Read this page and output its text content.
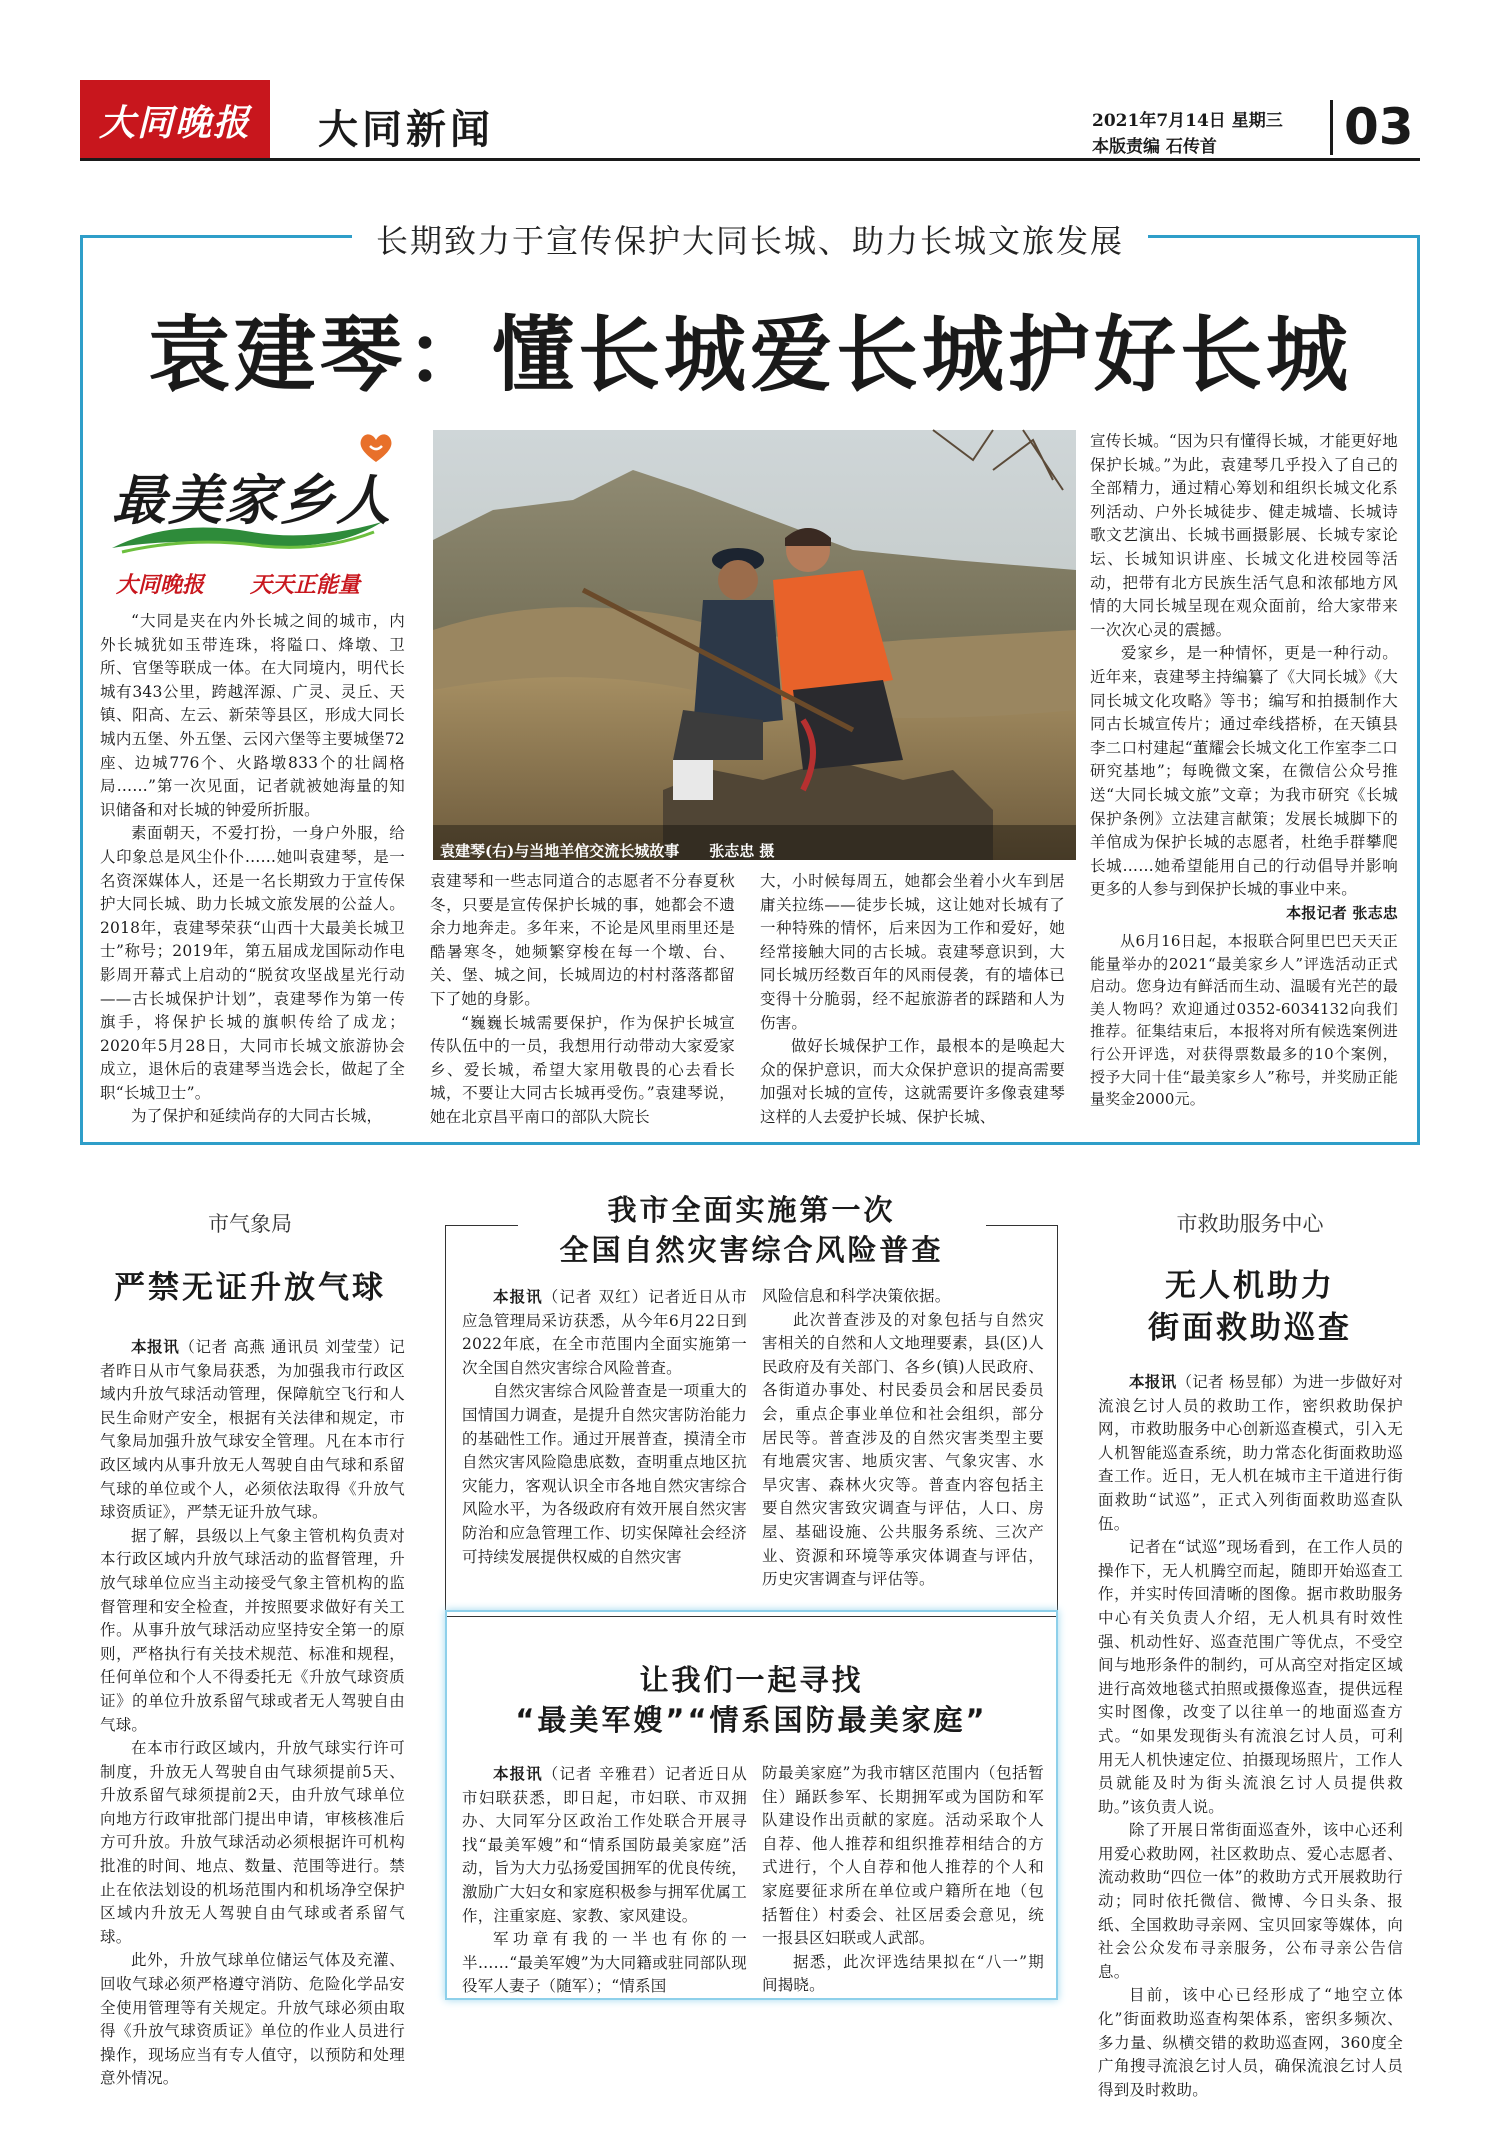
大同晚报 大同新闻	2021年7月14日 星期三
本版责编 石传首	03
长期致力于宣传保护大同长城、助力长城文旅发展
袁建琴：懂长城爱长城护好长城
最美家乡人
大同晚报 天天正能量
袁建琴(右)与当地羊倌交流长城故事　　张志忠 摄

“大同是夹在内外长城之间的城市，内外长城犹如玉带连珠，将隘口、烽墩、卫所、官堡等联成一体。在大同境内，明代长城有343公里，跨越浑源、广灵、灵丘、天镇、阳高、左云、新荣等县区，形成大同长城内五堡、外五堡、云冈六堡等主要城堡72座、边城776个、火路墩833个的壮阔格局……”第一次见面，记者就被她海量的知识储备和对长城的钟爱所折服。

素面朝天，不爱打扮，一身户外服，给人印象总是风尘仆仆……她叫袁建琴，是一名资深媒体人，还是一名长期致力于宣传保护大同长城、助力长城文旅发展的公益人。2018年，袁建琴荣获“山西十大最美长城卫士”称号；2019年，第五届成龙国际动作电影周开幕式上启动的“脱贫攻坚战星光行动——古长城保护计划”，袁建琴作为第一传旗手，将保护长城的旗帜传给了成龙；2020年5月28日，大同市长城文旅游协会成立，退休后的袁建琴当选会长，做起了全职“长城卫士”。

为了保护和延续尚存的大同古长城，

袁建琴和一些志同道合的志愿者不分春夏秋冬，只要是宣传保护长城的事，她都会不遗余力地奔走。多年来，不论是风里雨里还是酷暑寒冬，她频繁穿梭在每一个墩、台、关、堡、城之间，长城周边的村村落落都留下了她的身影。

“巍巍长城需要保护，作为保护长城宣传队伍中的一员，我想用行动带动大家爱家乡、爱长城，希望大家用敬畏的心去看长城，不要让大同古长城再受伤。”袁建琴说，她在北京昌平南口的部队大院长

大，小时候每周五，她都会坐着小火车到居庸关拉练——徒步长城，这让她对长城有了一种特殊的情怀，后来因为工作和爱好，她经常接触大同的古长城。袁建琴意识到，大同长城历经数百年的风雨侵袭，有的墙体已变得十分脆弱，经不起旅游者的踩踏和人为伤害。

做好长城保护工作，最根本的是唤起大众的保护意识，而大众保护意识的提高需要加强对长城的宣传，这就需要许多像袁建琴这样的人去爱护长城、保护长城、

宣传长城。“因为只有懂得长城，才能更好地保护长城。”为此，袁建琴几乎投入了自己的全部精力，通过精心筹划和组织长城文化系列活动、户外长城徒步、健走城墙、长城诗歌文艺演出、长城书画摄影展、长城专家论坛、长城知识讲座、长城文化进校园等活动，把带有北方民族生活气息和浓郁地方风情的大同长城呈现在观众面前，给大家带来一次次心灵的震撼。

爱家乡，是一种情怀，更是一种行动。近年来，袁建琴主持编纂了《大同长城》《大同长城文化攻略》等书；编写和拍摄制作大同古长城宣传片；通过牵线搭桥，在天镇县李二口村建起“董耀会长城文化工作室李二口研究基地”；每晚微文案，在微信公众号推送“大同长城文旅”文章；为我市研究《长城保护条例》立法建言献策；发展长城脚下的羊倌成为保护长城的志愿者，杜绝手群攀爬长城……她希望能用自己的行动倡导并影响更多的人参与到保护长城的事业中来。

本报记者 张志忠

从6月16日起，本报联合阿里巴巴天天正能量举办的2021“最美家乡人”评选活动正式启动。您身边有鲜活而生动、温暖有光芒的最美人物吗？欢迎通过0352-6034132向我们推荐。征集结束后，本报将对所有候选案例进行公开评选，对获得票数最多的10个案例，授予大同十佳“最美家乡人”称号，并奖励正能量奖金2000元。

市气象局
严禁无证升放气球

本报讯（记者 高燕 通讯员 刘莹莹）记者昨日从市气象局获悉，为加强我市行政区域内升放气球活动管理，保障航空飞行和人民生命财产安全，根据有关法律和规定，市气象局加强升放气球安全管理。凡在本市行政区域内从事升放无人驾驶自由气球和系留气球的单位或个人，必须依法取得《升放气球资质证》，严禁无证升放气球。

据了解，县级以上气象主管机构负责对本行政区域内升放气球活动的监督管理，升放气球单位应当主动接受气象主管机构的监督管理和安全检查，并按照要求做好有关工作。从事升放气球活动应坚持安全第一的原则，严格执行有关技术规范、标准和规程，任何单位和个人不得委托无《升放气球资质证》的单位升放系留气球或者无人驾驶自由气球。

在本市行政区域内，升放气球实行许可制度，升放无人驾驶自由气球须提前5天、升放系留气球须提前2天，由升放气球单位向地方行政审批部门提出申请，审核核准后方可升放。升放气球活动必须根据许可机构批准的时间、地点、数量、范围等进行。禁止在依法划设的机场范围内和机场净空保护区域内升放无人驾驶自由气球或者系留气球。

此外，升放气球单位储运气体及充灌、回收气球必须严格遵守消防、危险化学品安全使用管理等有关规定。升放气球必须由取得《升放气球资质证》单位的作业人员进行操作，现场应当有专人值守，以预防和处理意外情况。

我市全面实施第一次
全国自然灾害综合风险普查

本报讯（记者 双红）记者近日从市应急管理局采访获悉，从今年6月22日到2022年底，在全市范围内全面实施第一次全国自然灾害综合风险普查。

自然灾害综合风险普查是一项重大的国情国力调查，是提升自然灾害防治能力的基础性工作。通过开展普查，摸清全市自然灾害风险隐患底数，查明重点地区抗灾能力，客观认识全市各地自然灾害综合风险水平，为各级政府有效开展自然灾害防治和应急管理工作、切实保障社会经济可持续发展提供权威的自然灾害

风险信息和科学决策依据。

此次普查涉及的对象包括与自然灾害相关的自然和人文地理要素，县(区)人民政府及有关部门、各乡(镇)人民政府、各街道办事处、村民委员会和居民委员会，重点企事业单位和社会组织，部分居民等。普查涉及的自然灾害类型主要有地震灾害、地质灾害、气象灾害、水旱灾害、森林火灾等。普查内容包括主要自然灾害致灾调查与评估，人口、房屋、基础设施、公共服务系统、三次产业、资源和环境等承灾体调查与评估，历史灾害调查与评估等。

让我们一起寻找
“最美军嫂”“情系国防最美家庭”

本报讯（记者 辛雅君）记者近日从市妇联获悉，即日起，市妇联、市双拥办、大同军分区政治工作处联合开展寻找“最美军嫂”和“情系国防最美家庭”活动，旨为大力弘扬爱国拥军的优良传统，激励广大妇女和家庭积极参与拥军优属工作，注重家庭、家教、家风建设。

军功章有我的一半也有你的一半……“最美军嫂”为大同籍或驻同部队现役军人妻子（随军）；“情系国

防最美家庭”为我市辖区范围内（包括暂住）踊跃参军、长期拥军或为国防和军队建设作出贡献的家庭。活动采取个人自荐、他人推荐和组织推荐相结合的方式进行，个人自荐和他人推荐的个人和家庭要征求所在单位或户籍所在地（包括暂住）村委会、社区居委会意见，统一报县区妇联或人武部。

据悉，此次评选结果拟在“八一”期间揭晓。

市救助服务中心
无人机助力
街面救助巡查

本报讯（记者 杨昱郁）为进一步做好对流浪乞讨人员的救助工作，密织救助保护网，市救助服务中心创新巡查模式，引入无人机智能巡查系统，助力常态化街面救助巡查工作。近日，无人机在城市主干道进行街面救助“试巡”，正式入列街面救助巡查队伍。

记者在“试巡”现场看到，在工作人员的操作下，无人机腾空而起，随即开始巡查工作，并实时传回清晰的图像。据市救助服务中心有关负责人介绍，无人机具有时效性强、机动性好、巡查范围广等优点，不受空间与地形条件的制约，可从高空对指定区域进行高效地毯式拍照或摄像巡查，提供远程实时图像，改变了以往单一的地面巡查方式。“如果发现街头有流浪乞讨人员，可利用无人机快速定位、拍摄现场照片，工作人员就能及时为街头流浪乞讨人员提供救助。”该负责人说。

除了开展日常街面巡查外，该中心还利用爱心救助网，社区救助点、爱心志愿者、流动救助“四位一体”的救助方式开展救助行动；同时依托微信、微博、今日头条、报纸、全国救助寻亲网、宝贝回家等媒体，向社会公众发布寻亲服务，公布寻亲公告信息。

目前，该中心已经形成了“地空立体化”街面救助巡查构架体系，密织多频次、多力量、纵横交错的救助巡查网，360度全广角搜寻流浪乞讨人员，确保流浪乞讨人员得到及时救助。
